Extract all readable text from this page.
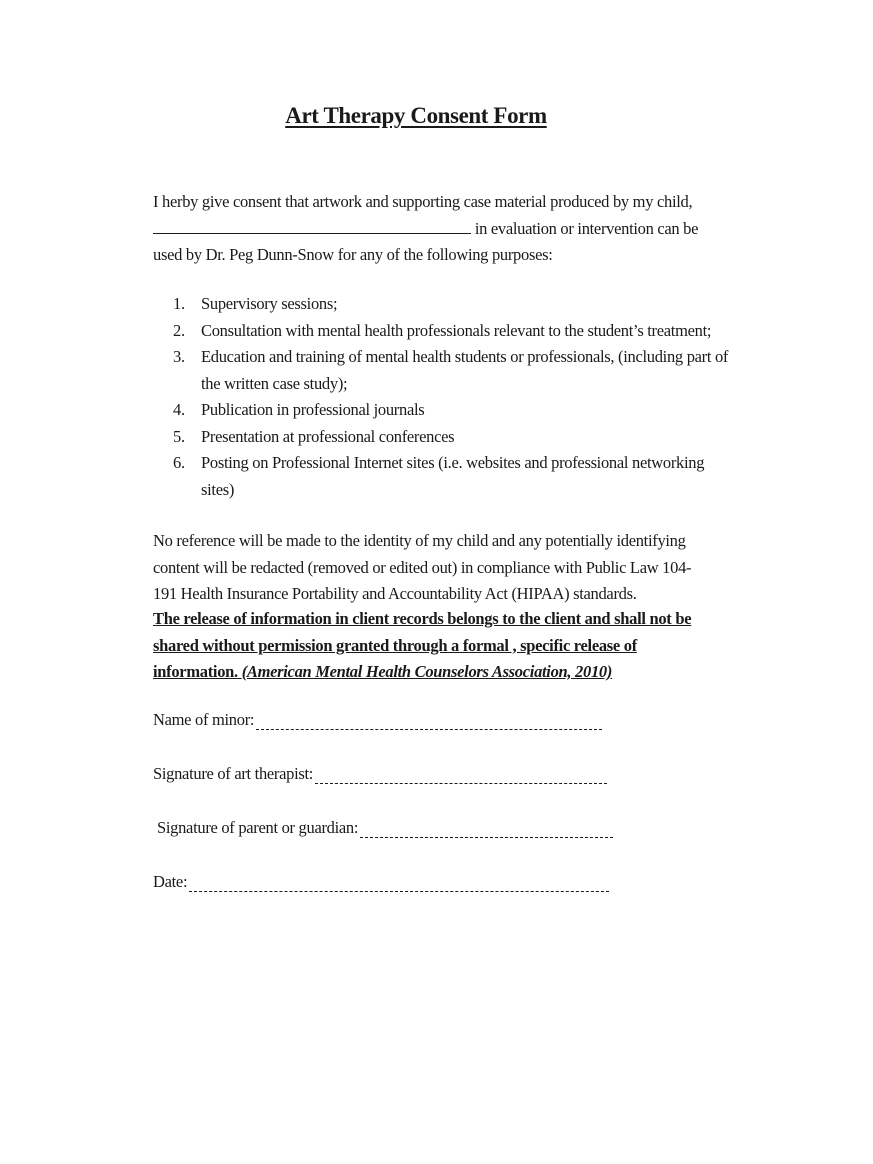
Art Therapy Consent Form
I herby give consent that artwork and supporting case material produced by my child,
in evaluation or intervention can be
used by Dr. Peg Dunn-Snow for any of the following purposes:
1. Supervisory sessions;
2. Consultation with mental health professionals relevant to the student’s treatment;
3. Education and training of mental health students or professionals, (including part of the written case study);
4. Publication in professional journals
5. Presentation at professional conferences
6. Posting on Professional Internet sites (i.e. websites and professional networking sites)
No reference will be made to the identity of my child and any potentially identifying content will be redacted (removed or edited out) in compliance with Public Law 104-191 Health Insurance Portability and Accountability Act (HIPAA) standards.
The release of information in client records belongs to the client and shall not be shared without permission granted through a formal , specific release of information. (American Mental Health Counselors Association, 2010)
Name of minor:
Signature of art therapist:
Signature of parent or guardian:
Date:
